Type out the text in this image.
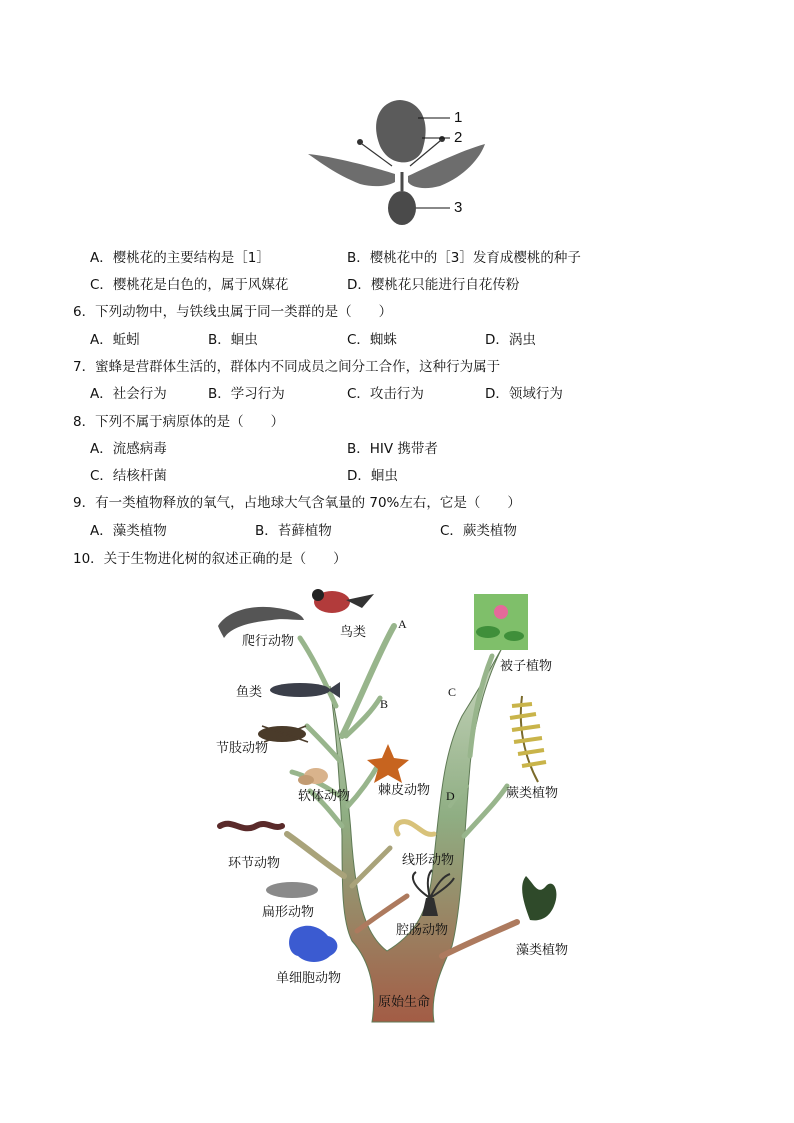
1
2
3
A．樱桃花的主要结构是［1］	B．樱桃花中的［3］发育成樱桃的种子
C．樱桃花是白色的，属于风媒花	D．樱桃花只能进行自花传粉
6．下列动物中，与铁线虫属于同一类群的是（　　）
A．蚯蚓	B．蛔虫	C．蜘蛛	D．涡虫
7．蜜蜂是营群体生活的，群体内不同成员之间分工合作，这种行为属于
A．社会行为	B．学习行为	C．攻击行为	D．领域行为
8．下列不属于病原体的是（　　）
A．流感病毒	B．HIV 携带者
C．结核杆菌	D．蛔虫
9．有一类植物释放的氧气，占地球大气含氧量的 70%左右，它是（　　）
A．藻类植物	B．苔藓植物	C．蕨类植物
10．关于生物进化树的叙述正确的是（　　）
A
B
C
D
爬行动物
鸟类
被子植物
鱼类
节肢动物
软体动物 棘皮动物	蕨类植物
环节动物	线形动物
扁形动物
腔肠动物
藻类植物
单细胞动物
原始生命
